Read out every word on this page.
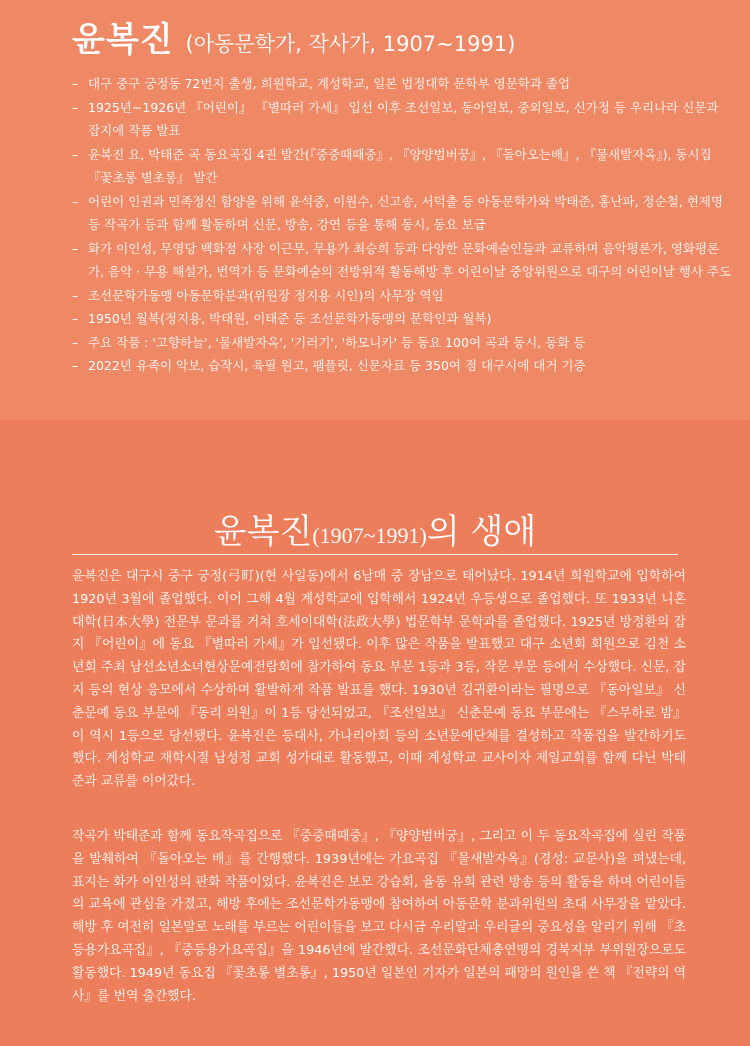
윤복진 (아동문학가, 작사가, 1907∼1991)
– 대구 중구 궁정동 72번지 출생, 희원학교, 계성학교, 일본 법정대학 문학부 영문학과 졸업
– 1925년∼1926년 『어린이』 『별따러 가세』 입선 이후 조선일보, 동아일보, 중외일보, 신가정 등 우리나라 신문과 잡지에 작품 발표
– 윤복진 요, 박태준 곡 동요곡집 4권 발간(『중중때때중』, 『양양범버꿍』, 『돌아오는배』, 『물새발자옥』), 동시집 『꽃초롱 별초롱』 발간
– 어린이 인권과 민족정신 함양을 위해 윤석중, 이원수, 신고송, 서덕출 등 아동문학가와 박태준, 홍난파, 정순철, 현제명 등 작곡가 등과 함께 활동하며 신문, 방송, 강연 등을 통해 동시, 동요 보급
– 화가 이인성, 무영당 백화점 사장 이근무, 무용가 최승희 등과 다양한 문화예술인들과 교류하며 음악평론가, 영화평론가, 음악 · 무용 해설가, 번역가 등 문화예술의 전방위적 활동해방 후 어린이날 중앙위원으로 대구의 어린이날 행사 주도
– 조선문학가동맹 아동문학분과(위원장 정지용 시인)의 사무장 역임
– 1950년 월북(정지용, 박태원, 이태준 등 조선문학가동맹의 문학인과 월북)
– 주요 작품 : '고향하늘', '물새발자옥', '기러기', '하모니카' 등 동요 100여 곡과 동시, 동화 등
– 2022년 유족이 악보, 습작시, 육필 원고, 팸플릿, 신문자료 등 350여 점 대구시에 대거 기증
윤복진(1907~1991)의 생애

윤복진은 대구시 중구 궁정(弓町)(현 사일동)에서 6남매 중 장남으로 태어났다. 1914년 희원학교에 입학하여 1920년 3월에 졸업했다. 이어 그해 4월 계성학교에 입학해서 1924년 우등생으로 졸업했다. 또 1933년 니혼대학(日本大學) 전문부 문과를 거쳐 호세이대학(法政大學) 법문학부 문학과를 졸업했다. 1925년 방정환의 잡지 『어린이』에 동요 『별따러 가세』가 입선됐다. 이후 많은 작품을 발표했고 대구 소년회 회원으로 김천 소년회 주최 남선소년소녀현상문예전람회에 참가하여 동요 부문 1등과 3등, 작문 부문 등에서 수상했다. 신문, 잡지 등의 현상 응모에서 수상하며 활발하게 작품 발표를 했다. 1930년 김귀환이라는 필명으로 『동아일보』 신춘문예 동요 부문에 『동리 의원』이 1등 당선되었고, 『조선일보』 신춘문예 동요 부문에는 『스무하로 밤』이 역시 1등으로 당선됐다. 윤복진은 등대사, 가나리아회 등의 소년문예단체를 결성하고 작품집을 발간하기도 했다. 계성학교 재학시절 남성정 교회 성가대로 활동했고, 이때 계성학교 교사이자 제일교회를 함께 다닌 박태준과 교류를 이어갔다.

작곡가 박태준과 함께 동요작곡집으로 『중중때때중』, 『양양범버궁』, 그리고 이 두 동요작곡집에 실린 작품을 발췌하여 『돌아오는 배』를 간행했다. 1939년에는 가요곡집 『물새발자옥』(경성: 교문사)을 펴냈는데, 표지는 화가 이인성의 판화 작품이었다. 윤복진은 보모 강습회, 율동 유희 관련 방송 등의 활동을 하며 어린이들의 교육에 관심을 가졌고, 해방 후에는 조선문학가동맹에 참여하여 아동문학 분과위원의 초대 사무장을 맡았다. 해방 후 여전히 일본말로 노래를 부르는 어린이들을 보고 다시금 우리말과 우리글의 중요성을 알리기 위해 『초등용가요곡집』, 『중등용가요곡집』을 1946년에 발간했다. 조선문화단체총연맹의 경북지부 부위원장으로도 활동했다. 1949년 동요집 『꽃초롱 별초롱』, 1950년 일본인 기자가 일본의 패망의 원인을 쓴 책 『전략의 역사』를 번역 출간했다.
